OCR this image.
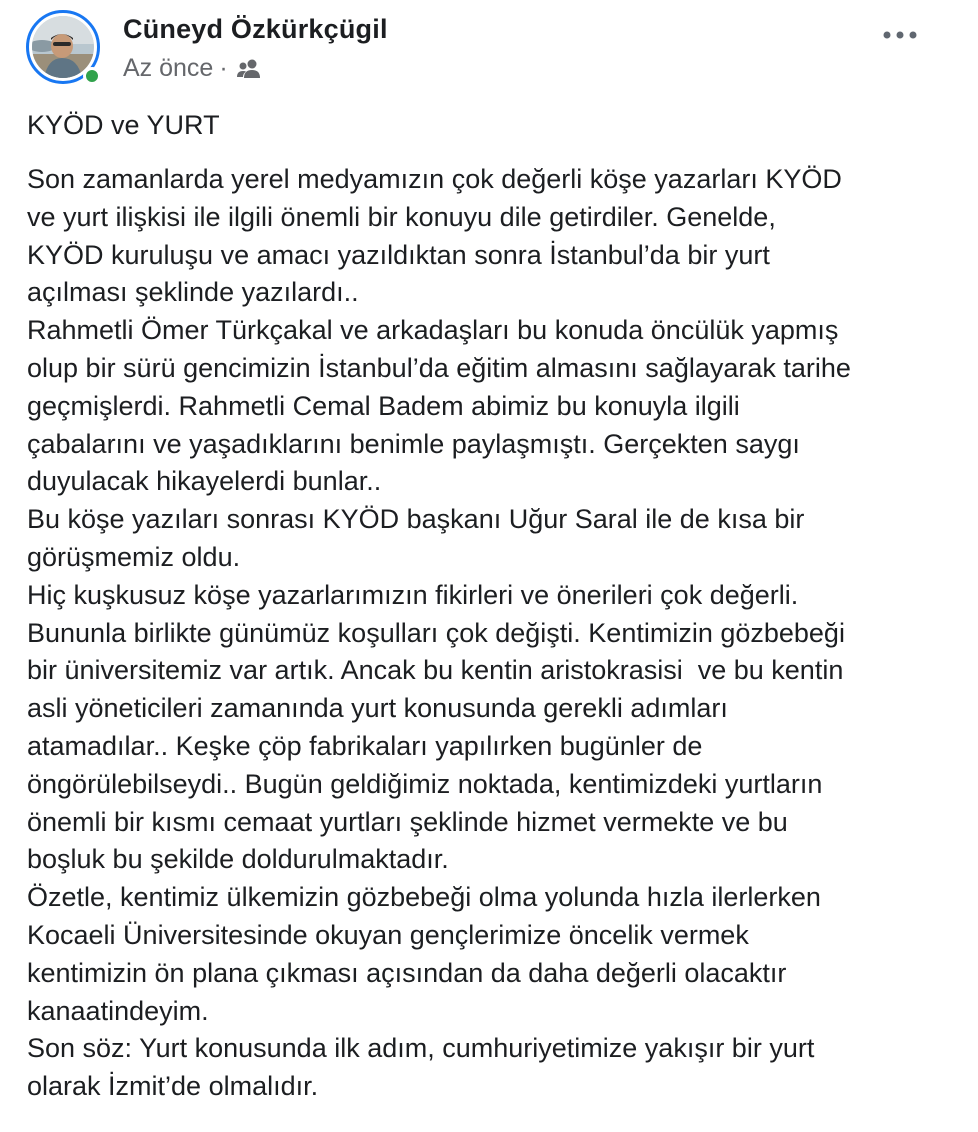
Cüneyd Özkürkçügil
Az önce ·
KYÖD ve YURT
Son zamanlarda yerel medyamızın çok değerli köşe yazarları KYÖD
ve yurt ilişkisi ile ilgili önemli bir konuyu dile getirdiler. Genelde,
KYÖD kuruluşu ve amacı yazıldıktan sonra İstanbul’da bir yurt
açılması şeklinde yazılardı..
Rahmetli Ömer Türkçakal ve arkadaşları bu konuda öncülük yapmış
olup bir sürü gencimizin İstanbul’da eğitim almasını sağlayarak tarihe
geçmişlerdi. Rahmetli Cemal Badem abimiz bu konuyla ilgili
çabalarını ve yaşadıklarını benimle paylaşmıştı. Gerçekten saygı
duyulacak hikayelerdi bunlar..
Bu köşe yazıları sonrası KYÖD başkanı Uğur Saral ile de kısa bir
görüşmemiz oldu.
Hiç kuşkusuz köşe yazarlarımızın fikirleri ve önerileri çok değerli.
Bununla birlikte günümüz koşulları çok değişti. Kentimizin gözbebeği
bir üniversitemiz var artık. Ancak bu kentin aristokrasisi  ve bu kentin
asli yöneticileri zamanında yurt konusunda gerekli adımları
atamadılar.. Keşke çöp fabrikaları yapılırken bugünler de
öngörülebilseydi.. Bugün geldiğimiz noktada, kentimizdeki yurtların
önemli bir kısmı cemaat yurtları şeklinde hizmet vermekte ve bu
boşluk bu şekilde doldurulmaktadır.
Özetle, kentimiz ülkemizin gözbebeği olma yolunda hızla ilerlerken
Kocaeli Üniversitesinde okuyan gençlerimize öncelik vermek
kentimizin ön plana çıkması açısından da daha değerli olacaktır
kanaatindeyim.
Son söz: Yurt konusunda ilk adım, cumhuriyetimize yakışır bir yurt
olarak İzmit’de olmalıdır.
